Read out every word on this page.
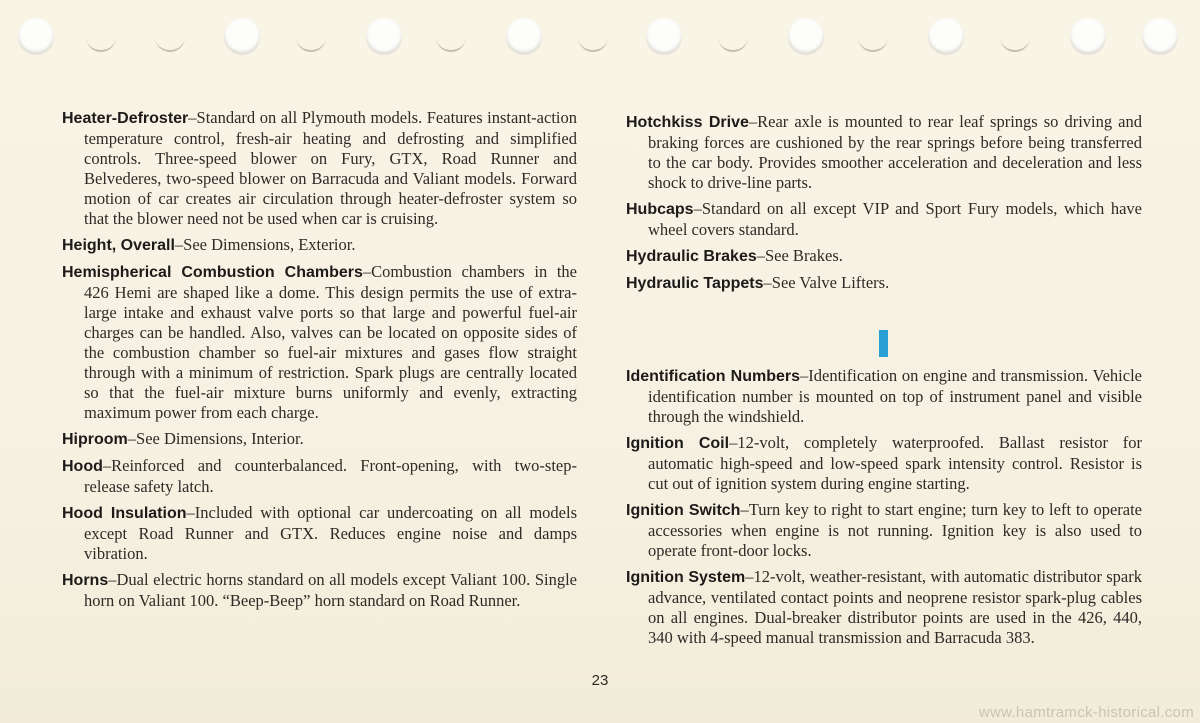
Heater-Defroster–Standard on all Plymouth models. Features instant-action temperature control, fresh-air heating and defrosting and simplified controls. Three-speed blower on Fury, GTX, Road Runner and Belvederes, two-speed blower on Barracuda and Valiant models. Forward motion of car creates air circulation through heater-defroster system so that the blower need not be used when car is cruising.

Height, Overall–See Dimensions, Exterior.

Hemispherical Combustion Chambers–Combustion chambers in the 426 Hemi are shaped like a dome. This design permits the use of extra-large intake and exhaust valve ports so that large and powerful fuel-air charges can be handled. Also, valves can be located on opposite sides of the combustion chamber so fuel-air mixtures and gases flow straight through with a minimum of restriction. Spark plugs are centrally located so that the fuel-air mixture burns uniformly and evenly, extracting maximum power from each charge.

Hiproom–See Dimensions, Interior.

Hood–Reinforced and counterbalanced. Front-opening, with two-step-release safety latch.

Hood Insulation–Included with optional car undercoating on all models except Road Runner and GTX. Reduces engine noise and damps vibration.

Horns–Dual electric horns standard on all models except Valiant 100. Single horn on Valiant 100. “Beep-Beep” horn standard on Road Runner.

Hotchkiss Drive–Rear axle is mounted to rear leaf springs so driving and braking forces are cushioned by the rear springs before being transferred to the car body. Provides smoother acceleration and deceleration and less shock to drive-line parts.

Hubcaps–Standard on all except VIP and Sport Fury models, which have wheel covers standard.

Hydraulic Brakes–See Brakes.

Hydraulic Tappets–See Valve Lifters.

Identification Numbers–Identification on engine and transmission. Vehicle identification number is mounted on top of instrument panel and visible through the windshield.

Ignition Coil–12-volt, completely waterproofed. Ballast resistor for automatic high-speed and low-speed spark intensity control. Resistor is cut out of ignition system during engine starting.

Ignition Switch–Turn key to right to start engine; turn key to left to operate accessories when engine is not running. Ignition key is also used to operate front-door locks.

Ignition System–12-volt, weather-resistant, with automatic distributor spark advance, ventilated contact points and neoprene resistor spark-plug cables on all engines. Dual-breaker distributor points are used in the 426, 440, 340 with 4-speed manual transmission and Barracuda 383.

23
www.hamtramck-historical.com
